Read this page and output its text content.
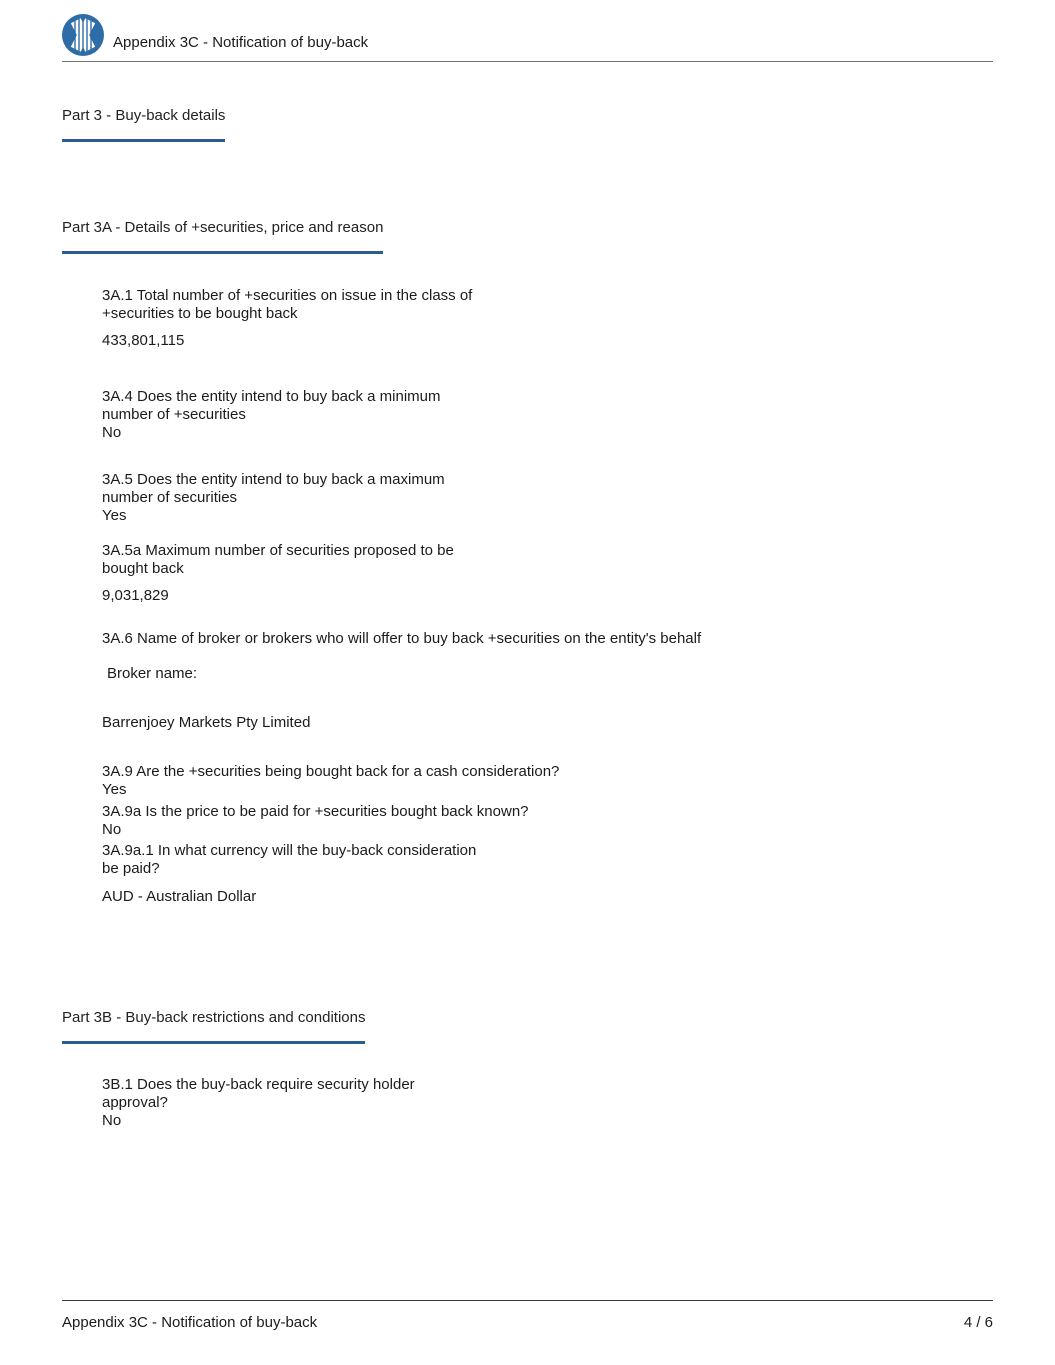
Appendix 3C - Notification of buy-back
Part 3 - Buy-back details
Part 3A - Details of +securities, price and reason
3A.1 Total number of +securities on issue in the class of
+securities to be bought back
433,801,115
3A.4 Does the entity intend to buy back a minimum
number of +securities
No
3A.5 Does the entity intend to buy back a maximum
number of securities
Yes
3A.5a Maximum number of securities proposed to be
bought back
9,031,829
3A.6 Name of broker or brokers who will offer to buy back +securities on the entity's behalf
Broker name:
Barrenjoey Markets Pty Limited
3A.9 Are the +securities being bought back for a cash consideration?
Yes
3A.9a Is the price to be paid for +securities bought back known?
No
3A.9a.1 In what currency will the buy-back consideration
be paid?
AUD - Australian Dollar
Part 3B - Buy-back restrictions and conditions
3B.1 Does the buy-back require security holder
approval?
No
Appendix 3C - Notification of buy-back	4 / 6
